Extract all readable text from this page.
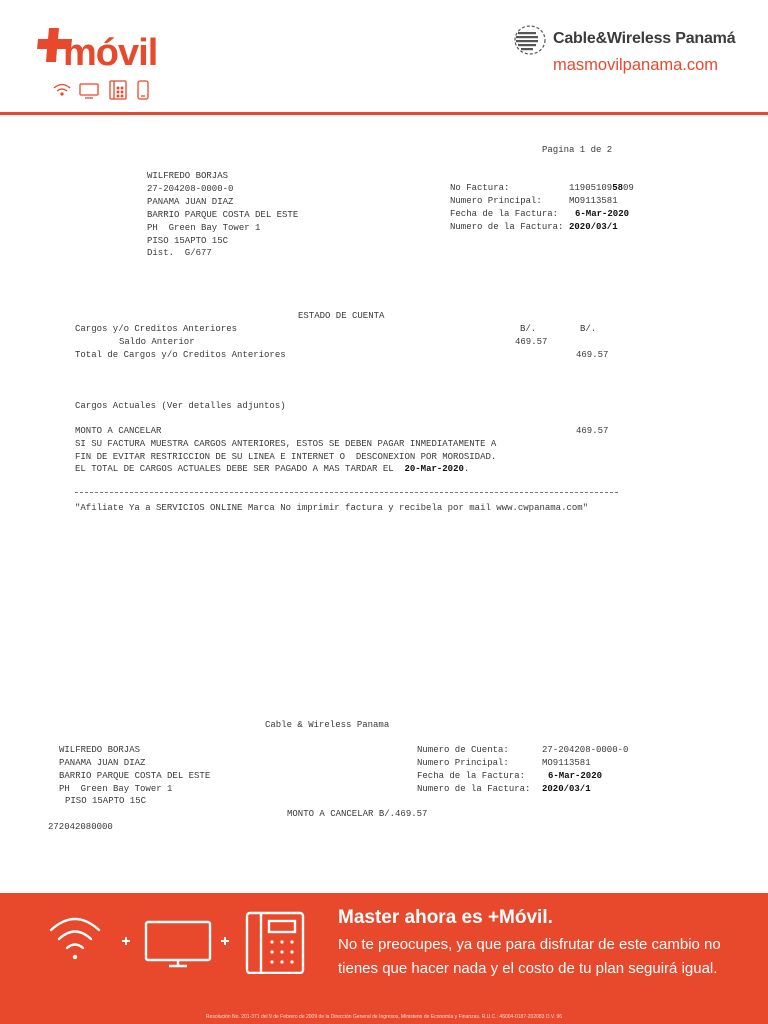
móvil	Cable&Wireless Panamá
masmovilpanama.com
Pagina 1 de 2
WILFREDO BORJAS
27-204208-0000-0
PANAMA JUAN DIAZ
BARRIO PARQUE COSTA DEL ESTE
PH  Green Bay Tower 1
PISO 15APTO 15C
Dist.  G/677
No Factura:	119051095809
Numero Principal:	MO9113581
Fecha de la Factura: 6-Mar-2020
Numero de la Factura: 2020/03/1
ESTADO DE CUENTA
Cargos y/o Creditos Anteriores	B/.	B/.
Saldo Anterior	469.57
Total de Cargos y/o Creditos Anteriores	469.57
Cargos Actuales (Ver detalles adjuntos)
MONTO A CANCELAR	469.57
SI SU FACTURA MUESTRA CARGOS ANTERIORES, ESTOS SE DEBEN PAGAR INMEDIATAMENTE A
FIN DE EVITAR RESTRICCION DE SU LINEA E INTERNET O  DESCONEXION POR MOROSIDAD.
EL TOTAL DE CARGOS ACTUALES DEBE SER PAGADO A MAS TARDAR EL 20-Mar-2020.
"Afiliate Ya a SERVICIOS ONLINE Marca No imprimir factura y recibela por mail www.cwpanama.com"
Cable & Wireless Panama
WILFREDO BORJAS
PANAMA JUAN DIAZ
BARRIO PARQUE COSTA DEL ESTE
PH  Green Bay Tower 1
PISO 15APTO 15C
Numero de Cuenta:	27-204208-0000-0
Numero Principal:	MO9113581
Fecha de la Factura:	6-Mar-2020
Numero de la Factura: 2020/03/1
MONTO A CANCELAR B/.469.57
272042080000
Master ahora es +Móvil.
No te preocupes, ya que para disfrutar de este cambio no tienes que hacer nada y el costo de tu plan seguirá igual.
Resolución No. 201-371 del 9 de Febrero de 2009 de la Dirección General de Ingresos, Ministerio de Economía y Finanzas. R.U.C.: 46004-0187-202083 D.V. 96
